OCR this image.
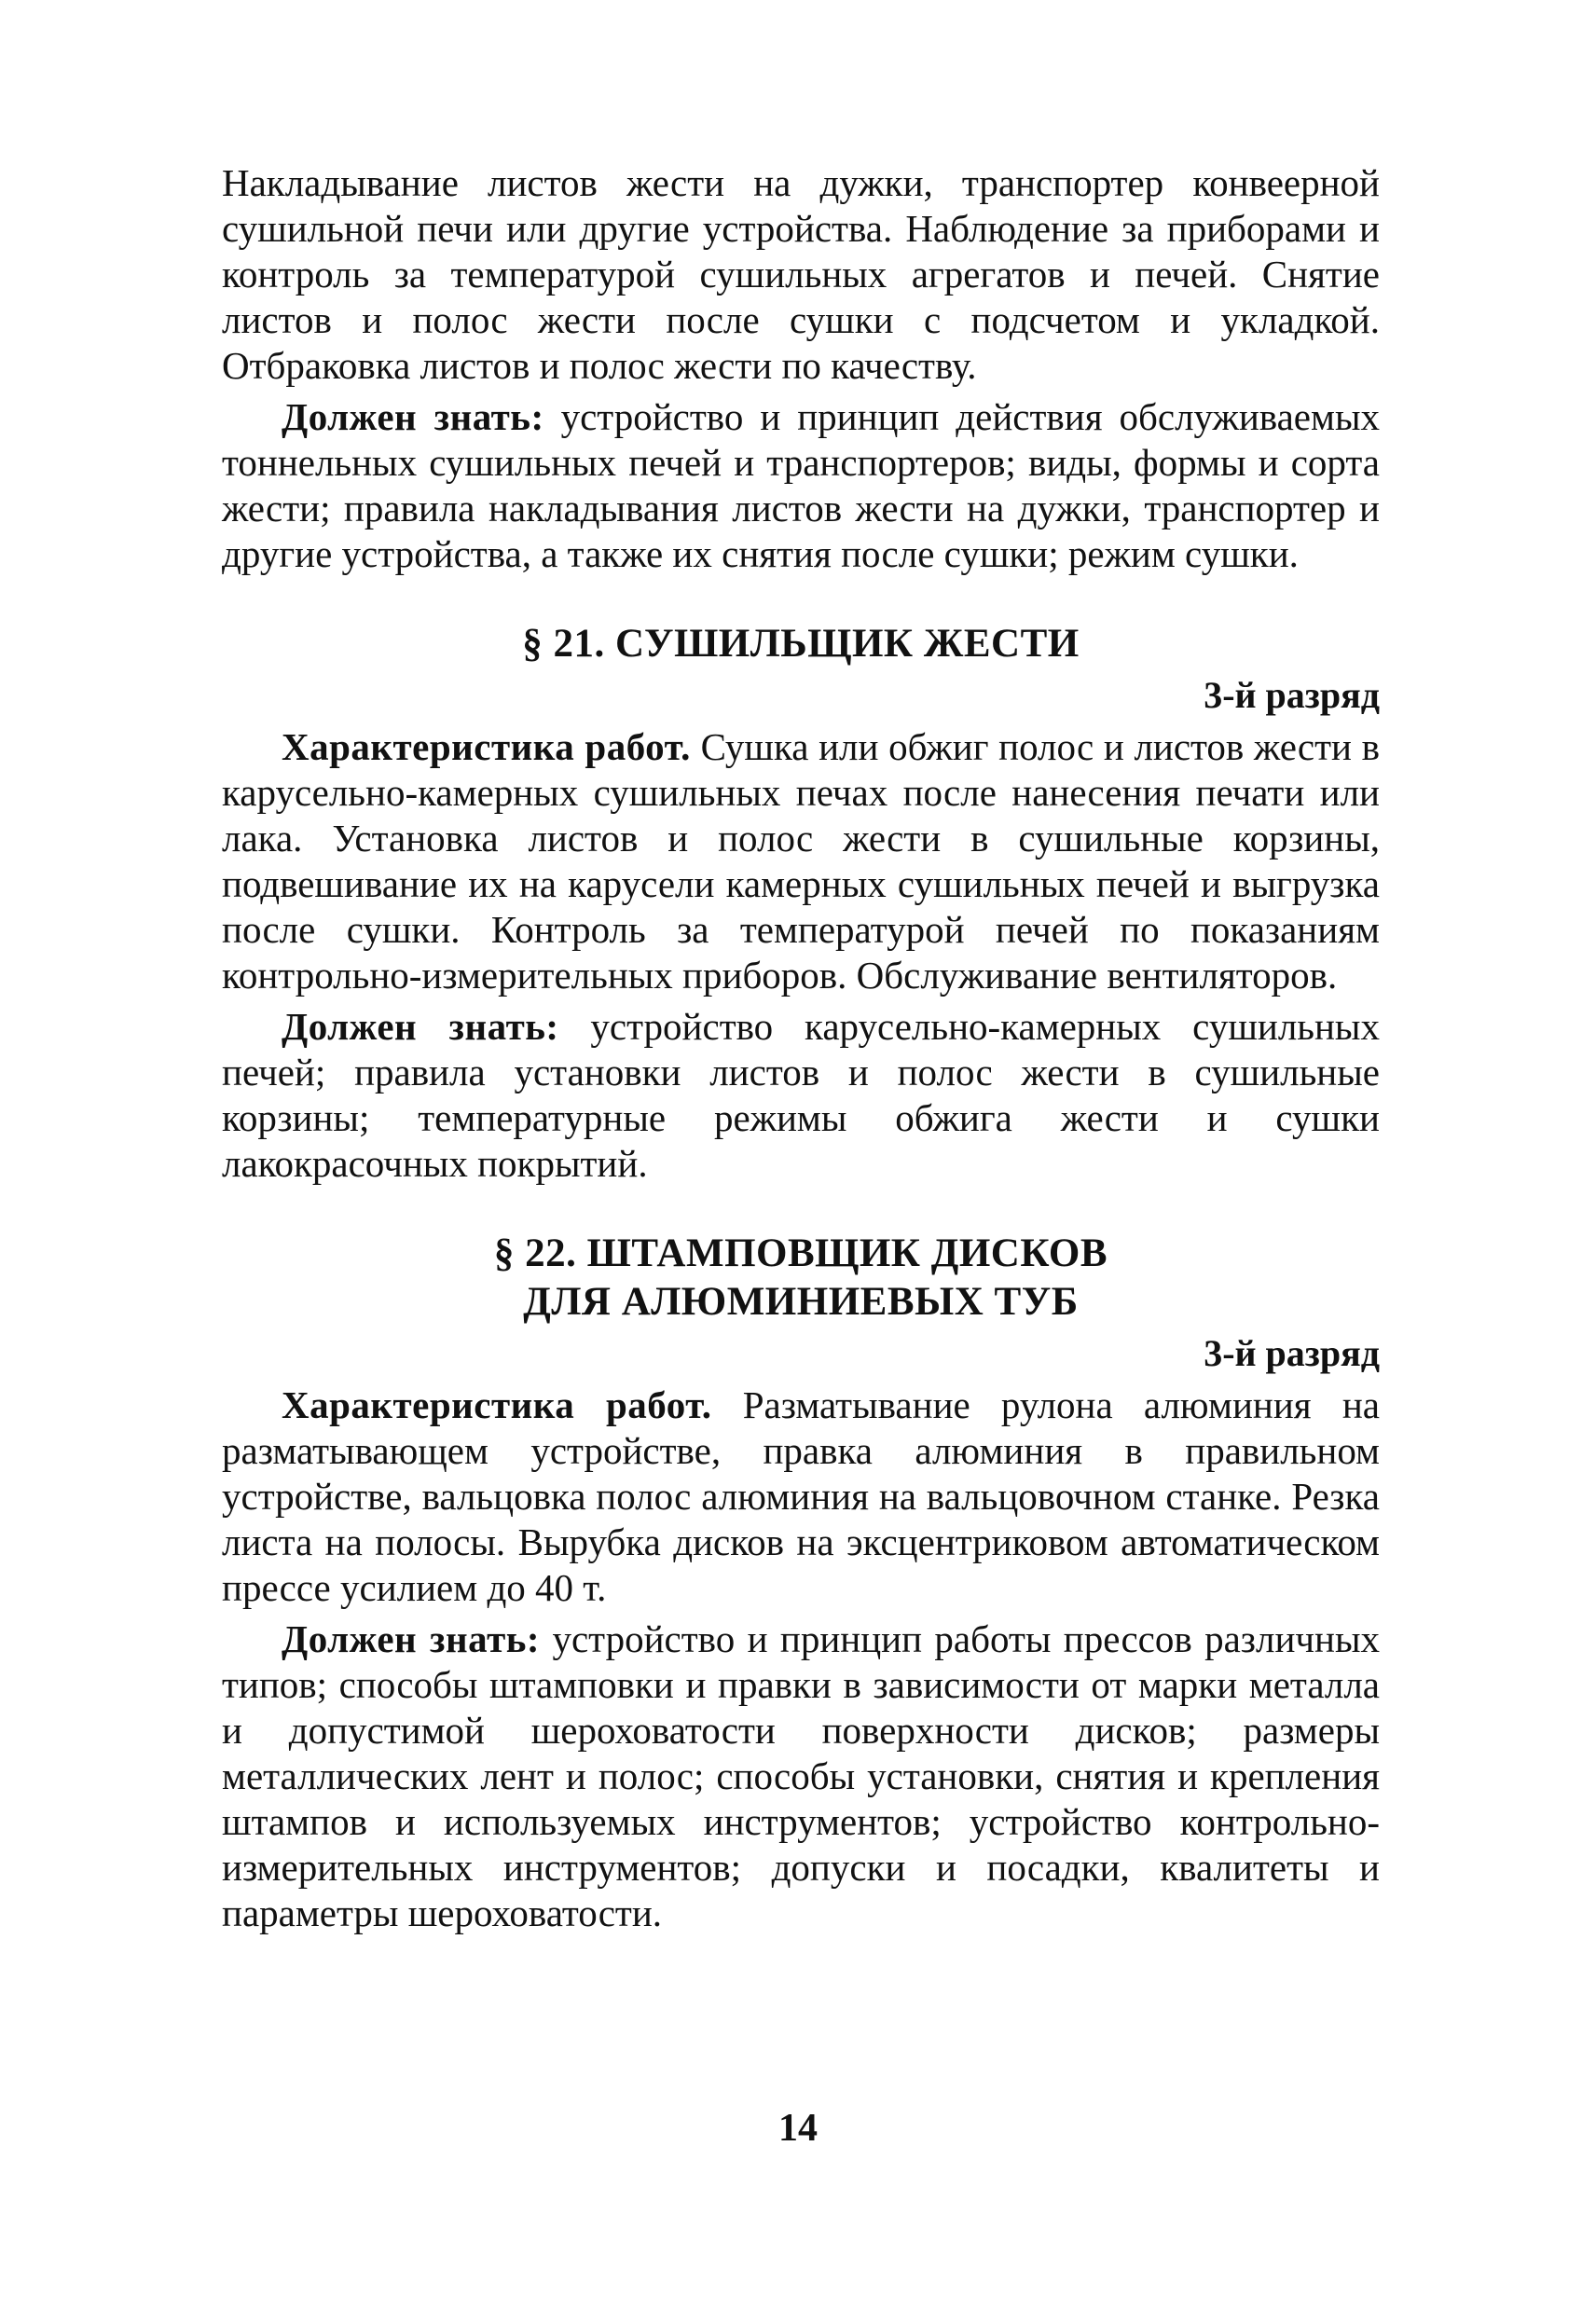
Накладывание листов жести на дужки, транспортер конвеерной сушильной печи или другие устройства. Наблюдение за приборами и контроль за температурой сушильных агрегатов и печей. Снятие листов и полос жести после сушки с подсчетом и укладкой. Отбраковка листов и полос жести по качеству.

Должен знать: устройство и принцип действия обслуживаемых тоннельных сушильных печей и транспортеров; виды, формы и сорта жести; правила накладывания листов жести на дужки, транспортер и другие устройства, а также их снятия после сушки; режим сушки.

§ 21. СУШИЛЬЩИК ЖЕСТИ
3-й разряд

Характеристика работ. Сушка или обжиг полос и листов жести в карусельно-камерных сушильных печах после нанесения печати или лака. Установка листов и полос жести в сушильные корзины, подвешивание их на карусели камерных сушильных печей и выгрузка после сушки. Контроль за температурой печей по показаниям контрольно-измерительных приборов. Обслуживание вентиляторов.

Должен знать: устройство карусельно-камерных сушильных печей; правила установки листов и полос жести в сушильные корзины; температурные режимы обжига жести и сушки лакокрасочных покрытий.

§ 22. ШТАМПОВЩИК ДИСКОВ
ДЛЯ АЛЮМИНИЕВЫХ ТУБ
3-й разряд

Характеристика работ. Разматывание рулона алюминия на разматывающем устройстве, правка алюминия в правильном устройстве, вальцовка полос алюминия на вальцовочном станке. Резка листа на полосы. Вырубка дисков на эксцентриковом автоматическом прессе усилием до 40 т.

Должен знать: устройство и принцип работы прессов различных типов; способы штамповки и правки в зависимости от марки металла и допустимой шероховатости поверхности дисков; размеры металлических лент и полос; способы установки, снятия и крепления штампов и используемых инструментов; устройство контрольно-измерительных инструментов; допуски и посадки, квалитеты и параметры шероховатости.

14
